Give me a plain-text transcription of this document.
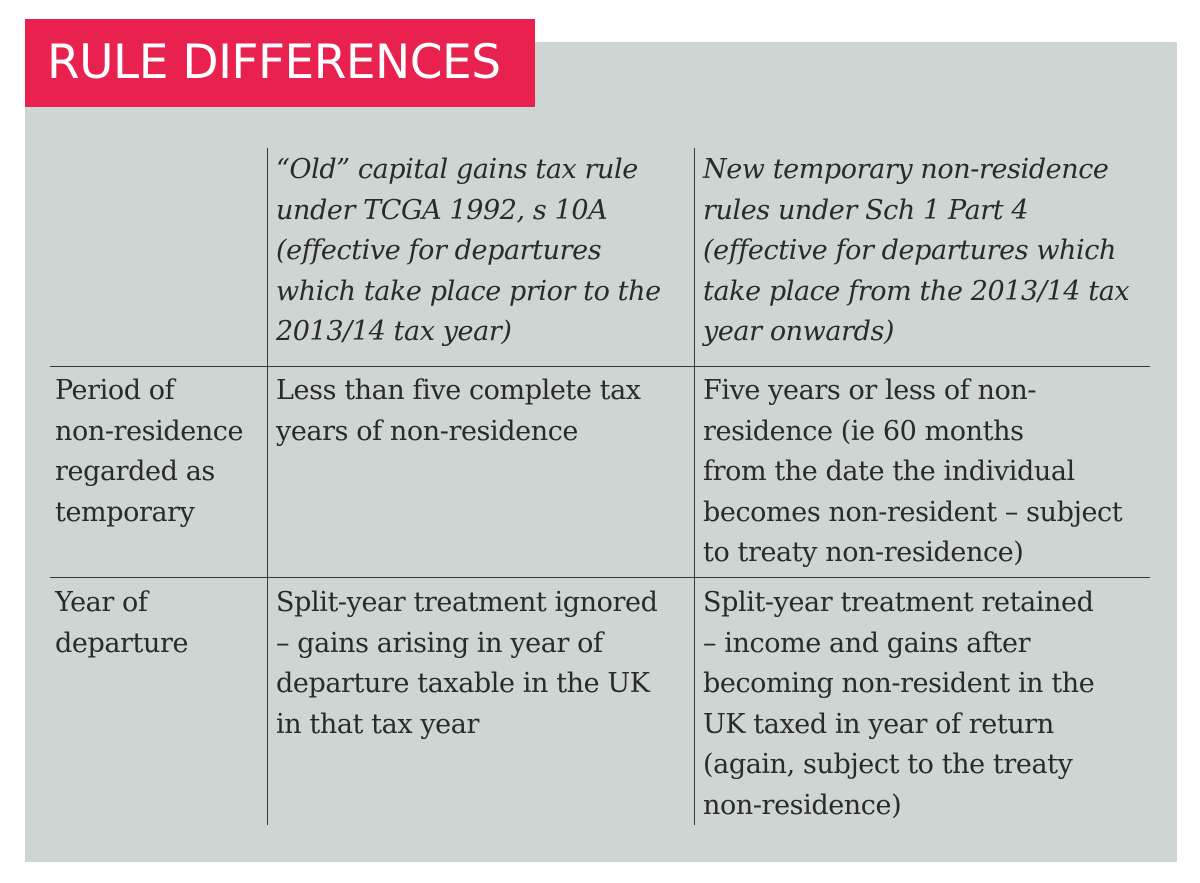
RULE DIFFERENCES
“Old” capital gains tax rule
under TCGA 1992, s 10A
(effective for departures
which take place prior to the
2013/14 tax year)
New temporary non-residence
rules under Sch 1 Part 4
(effective for departures which
take place from the 2013/14 tax
year onwards)
Period of
non-residence
regarded as
temporary
Less than five complete tax
years of non-residence
Five years or less of non-
residence (ie 60 months
from the date the individual
becomes non-resident – subject
to treaty non-residence)
Year of
departure
Split-year treatment ignored
– gains arising in year of
departure taxable in the UK
in that tax year
Split-year treatment retained
– income and gains after
becoming non-resident in the
UK taxed in year of return
(again, subject to the treaty
non-residence)
